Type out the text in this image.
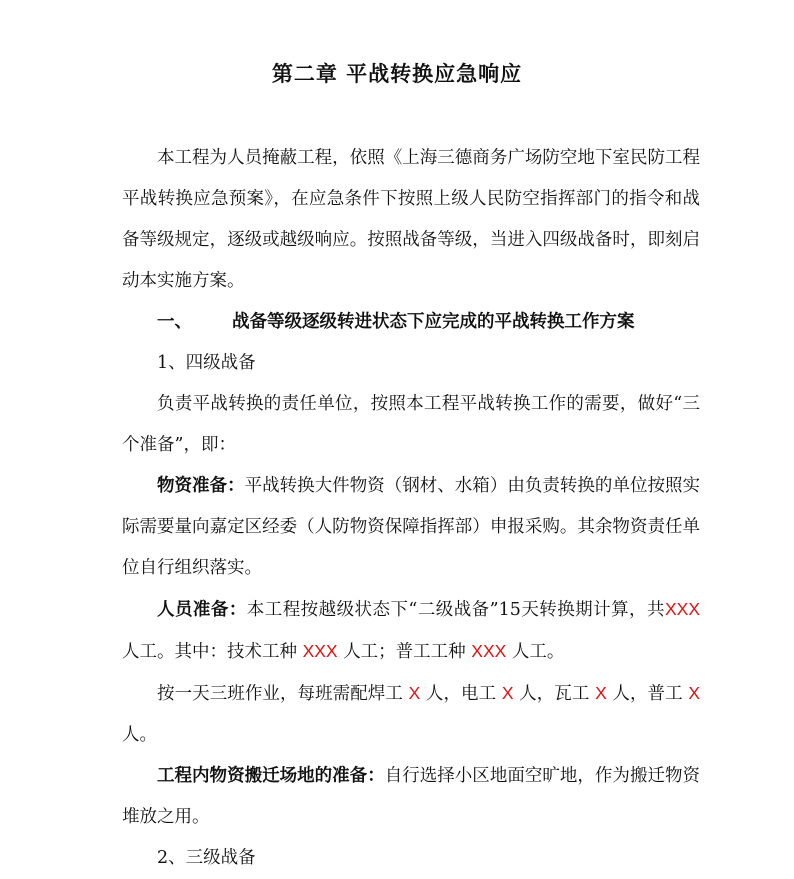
第二章 平战转换应急响应

本工程为人员掩蔽工程，依照《上海三德商务广场防空地下室民防工程平战转换应急预案》，在应急条件下按照上级人民防空指挥部门的指令和战备等级规定，逐级或越级响应。按照战备等级，当进入四级战备时，即刻启动本实施方案。

一、 战备等级逐级转进状态下应完成的平战转换工作方案

1、四级战备

负责平战转换的责任单位，按照本工程平战转换工作的需要，做好“三个准备”，即：

物资准备：平战转换大件物资（钢材、水箱）由负责转换的单位按照实际需要量向嘉定区经委（人防物资保障指挥部）申报采购。其余物资责任单位自行组织落实。

人员准备：本工程按越级状态下“二级战备”15天转换期计算，共XXX 人工。其中：技术工种 XXX 人工；普工工种 XXX 人工。

按一天三班作业，每班需配焊工 X 人，电工 X 人，瓦工 X 人，普工 X 人。

工程内物资搬迁场地的准备：自行选择小区地面空旷地，作为搬迁物资堆放之用。

2、三级战备
